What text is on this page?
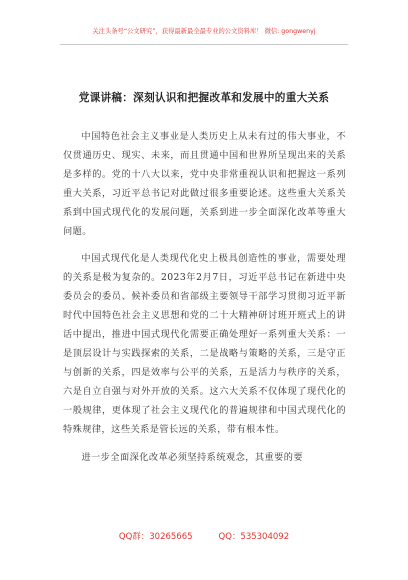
关注头条号“公文研究”，获得最新最全最专业的公文资料库！ 微信: gongwenyj
党课讲稿：深刻认识和把握改革和发展中的重大关系

中国特色社会主义事业是人类历史上从未有过的伟大事业，不仅贯通历史、现实、未来，而且贯通中国和世界所呈现出来的关系是多样的。党的十八大以来，党中央非常重视认识和把握这一系列重大关系，习近平总书记对此做过很多重要论述。这些重大关系关系到中国式现代化的发展问题，关系到进一步全面深化改革等重大问题。

中国式现代化是人类现代化史上极具创造性的事业，需要处理的关系是极为复杂的。2023年2月7日，习近平总书记在新进中央委员会的委员、候补委员和省部级主要领导干部学习贯彻习近平新时代中国特色社会主义思想和党的二十大精神研讨班开班式上的讲话中提出，推进中国式现代化需要正确处理好一系列重大关系：一是顶层设计与实践探索的关系，二是战略与策略的关系，三是守正与创新的关系，四是效率与公平的关系，五是活力与秩序的关系，六是自立自强与对外开放的关系。这六大关系不仅体现了现代化的一般规律，更体现了社会主义现代化的普遍规律和中国式现代化的特殊规律，这些关系是管长远的关系，带有根本性。

进一步全面深化改革必须坚持系统观念，其重要的要

QQ群：30265665	QQ：535304092
